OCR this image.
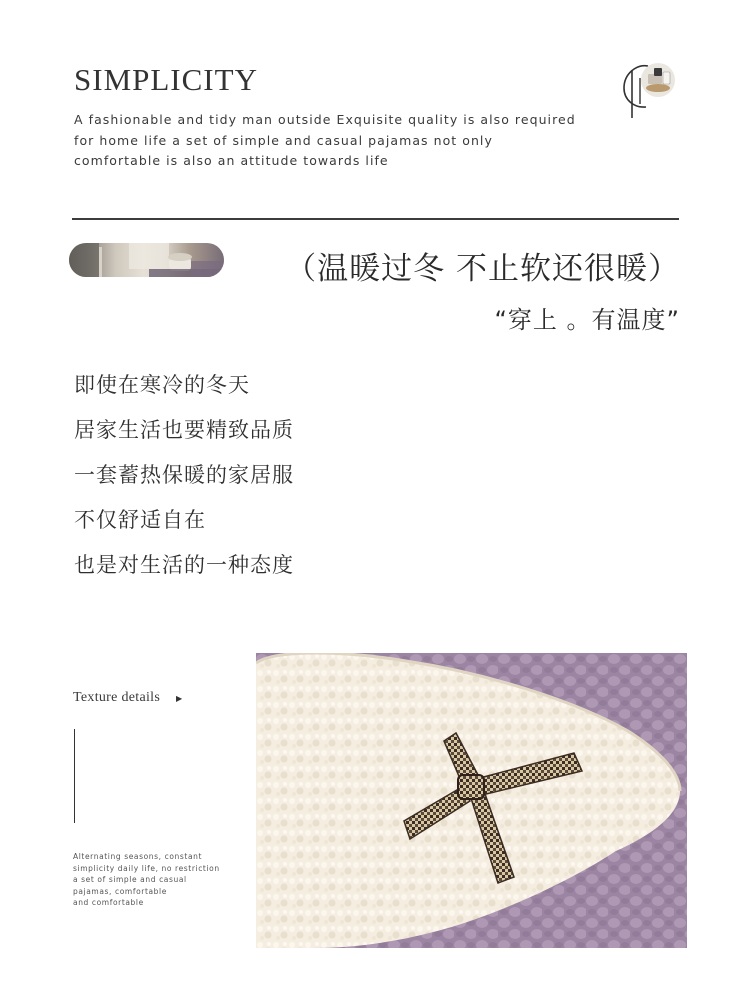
SIMPLICITY

A fashionable and tidy man outside Exquisite quality is also required
for home life a set of simple and casual pajamas not only
comfortable is also an attitude towards life

（温暖过冬 不止软还很暖）
“穿上 。有温度”
即使在寒冷的冬天
居家生活也要精致品质
一套蓄热保暖的家居服
不仅舒适自在
也是对生活的一种态度
Texture details ▶

Alternating seasons, constant
simplicity daily life, no restriction
a set of simple and casual
pajamas, comfortable
and comfortable
